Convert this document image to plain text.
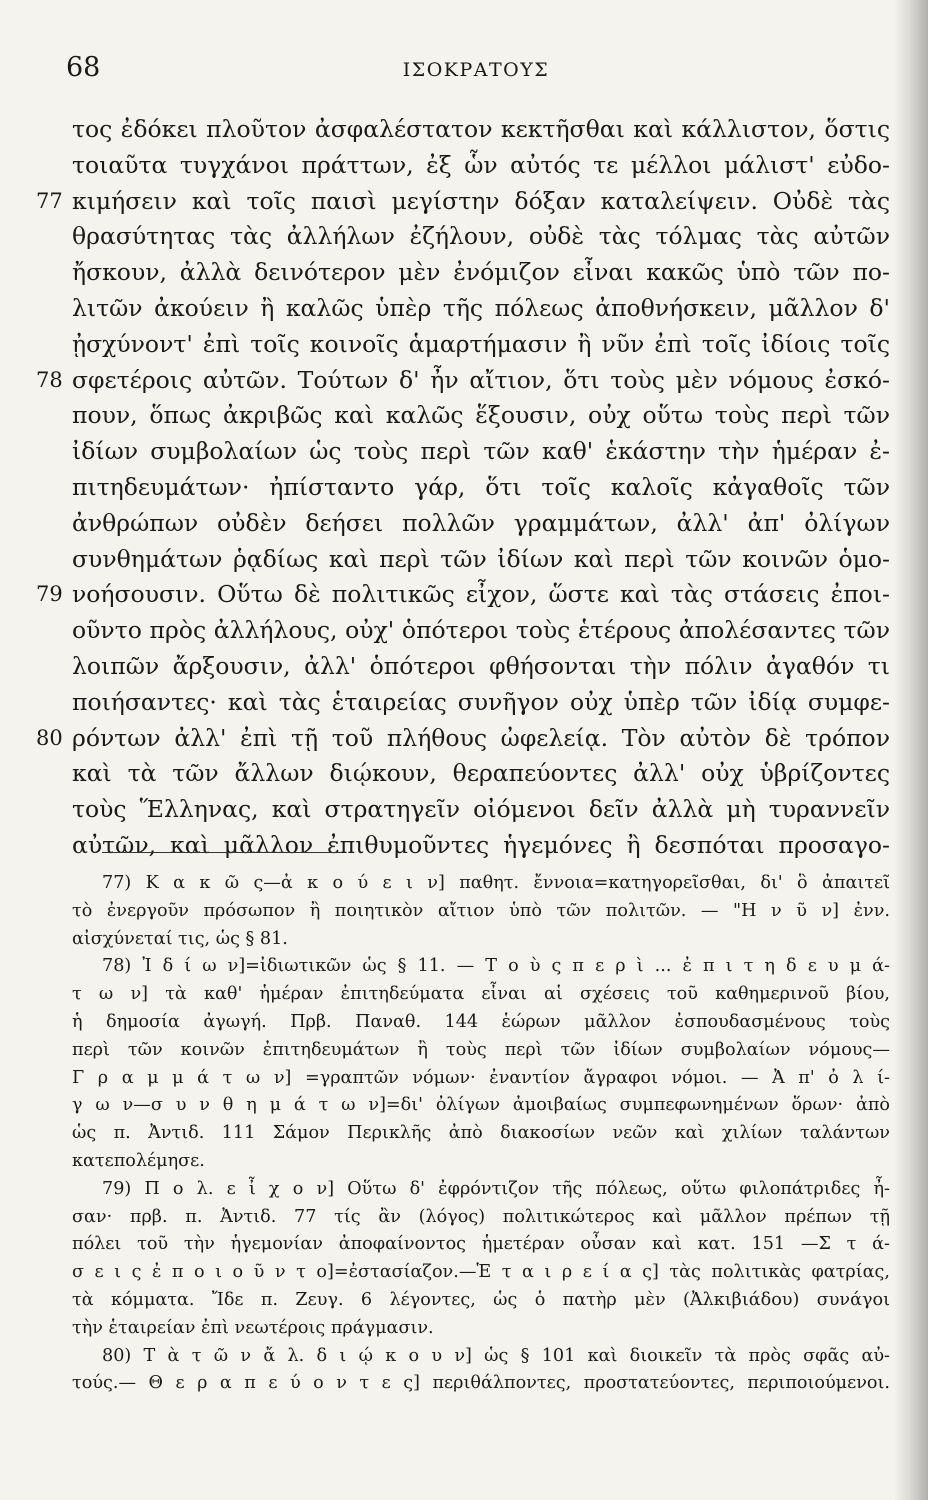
68	ΙΣΟΚΡΑΤΟΥΣ
τος ἐδόκει πλοῦτον ἀσφαλέστατον κεκτῆσθαι καὶ κάλλιστον, ὅστις
τοιαῦτα τυγχάνοι πράττων, ἐξ ὧν αὐτός τε μέλλοι μάλιστ' εὐδο-
77 κιμήσειν καὶ τοῖς παισὶ μεγίστην δόξαν καταλείψειν. Οὐδὲ τὰς
θρασύτητας τὰς ἀλλήλων ἐζήλουν, οὐδὲ τὰς τόλμας τὰς αὐτῶν
ἤσκουν, ἀλλὰ δεινότερον μὲν ἐνόμιζον εἶναι κακῶς ὑπὸ τῶν πο-
λιτῶν ἀκούειν ἢ καλῶς ὑπὲρ τῆς πόλεως ἀποθνήσκειν, μᾶλλον δ'
ᾐσχύνοντ' ἐπὶ τοῖς κοινοῖς ἁμαρτήμασιν ἢ νῦν ἐπὶ τοῖς ἰδίοις τοῖς
78 σφετέροις αὐτῶν. Τούτων δ' ἦν αἴτιον, ὅτι τοὺς μὲν νόμους ἐσκό-
πουν, ὅπως ἀκριβῶς καὶ καλῶς ἕξουσιν, οὐχ οὕτω τοὺς περὶ τῶν
ἰδίων συμβολαίων ὡς τοὺς περὶ τῶν καθ' ἑκάστην τὴν ἡμέραν ἐ-
πιτηδευμάτων· ἠπίσταντο γάρ, ὅτι τοῖς καλοῖς κἀγαθοῖς τῶν
ἀνθρώπων οὐδὲν δεήσει πολλῶν γραμμάτων, ἀλλ' ἀπ' ὀλίγων
συνθημάτων ῥᾳδίως καὶ περὶ τῶν ἰδίων καὶ περὶ τῶν κοινῶν ὁμο-
79 νοήσουσιν. Οὕτω δὲ πολιτικῶς εἶχον, ὥστε καὶ τὰς στάσεις ἐποι-
οῦντο πρὸς ἀλλήλους, οὐχ' ὁπότεροι τοὺς ἑτέρους ἀπολέσαντες τῶν
λοιπῶν ἄρξουσιν, ἀλλ' ὁπότεροι φθήσονται τὴν πόλιν ἀγαθόν τι
ποιήσαντες· καὶ τὰς ἑταιρείας συνῆγον οὐχ ὑπὲρ τῶν ἰδίᾳ συμφε-
80 ρόντων ἀλλ' ἐπὶ τῇ τοῦ πλήθους ὠφελείᾳ. Τὸν αὐτὸν δὲ τρόπον
καὶ τὰ τῶν ἄλλων διῴκουν, θεραπεύοντες ἀλλ' οὐχ ὑβρίζοντες
τοὺς Ἕλληνας, καὶ στρατηγεῖν οἰόμενοι δεῖν ἀλλὰ μὴ τυραννεῖν
αὐτῶν, καὶ μᾶλλον ἐπιθυμοῦντες ἡγεμόνες ἢ δεσπόται προσαγο-
77) Κ α κ ῶ ς—ἀ κ ο ύ ε ι ν] παθητ. ἔννοια=κατηγορεῖσθαι, δι' ὃ ἀπαιτεῖ
τὸ ἐνεργοῦν πρόσωπον ἢ ποιητικὸν αἴτιον ὑπὸ τῶν πολιτῶν. — "Η ν ῦ ν] ἐνν.
αἰσχύνεταί τις, ὡς § 81.
78) Ἰ δ ί ω ν]=ἰδιωτικῶν ὡς § 11. — Τ ο ὺ ς π ε ρ ὶ ... ἐ π ι τ η δ ε υ μ ά-
τ ω ν] τὰ καθ' ἡμέραν ἐπιτηδεύματα εἶναι αἱ σχέσεις τοῦ καθημερινοῦ βίου,
ἡ δημοσία ἀγωγή. Πρβ. Παναθ. 144 ἑώρων μᾶλλον ἐσπουδασμένους τοὺς
περὶ τῶν κοινῶν ἐπιτηδευμάτων ἢ τοὺς περὶ τῶν ἰδίων συμβολαίων νόμους—
Γ ρ α μ μ ά τ ω ν] =γραπτῶν νόμων· ἐναντίον ἄγραφοι νόμοι. — Ἀ π' ὀ λ ί-
γ ω ν—σ υ ν θ η μ ά τ ω ν]=δι' ὀλίγων ἀμοιβαίως συμπεφωνημένων ὅρων· ἀπὸ
ὡς π. Ἀντιδ. 111 Σάμον Περικλῆς ἀπὸ διακοσίων νεῶν καὶ χιλίων ταλάντων
κατεπολέμησε.
79) Π ο λ. ε ἶ χ ο ν] Οὕτω δ' ἐφρόντιζον τῆς πόλεως, οὕτω φιλοπάτριδες ἦ-
σαν· πρβ. π. Ἀντιδ. 77 τίς ἂν (λόγος) πολιτικώτερος καὶ μᾶλλον πρέπων τῇ
πόλει τοῦ τὴν ἡγεμονίαν ἀποφαίνοντος ἡμετέραν οὖσαν καὶ κατ. 151 —Σ τ ά-
σ ε ι ς ἐ π ο ι ο ῦ ν τ ο]=ἐστασίαζον.—Ἑ τ α ι ρ ε ί α ς] τὰς πολιτικὰς φατρίας,
τὰ κόμματα. Ἴδε π. Ζευγ. 6 λέγοντες, ὡς ὁ πατὴρ μὲν (Ἀλκιβιάδου) συνάγοι
τὴν ἑταιρείαν ἐπὶ νεωτέροις πράγμασιν.
80) Τ ὰ τ ῶ ν ἄ λ. δ ι ῴ κ ο υ ν] ὡς § 101 καὶ διοικεῖν τὰ πρὸς σφᾶς αὐ-
τούς.— Θ ε ρ α π ε ύ ο ν τ ε ς] περιθάλποντες, προστατεύοντες, περιποιούμενοι.
